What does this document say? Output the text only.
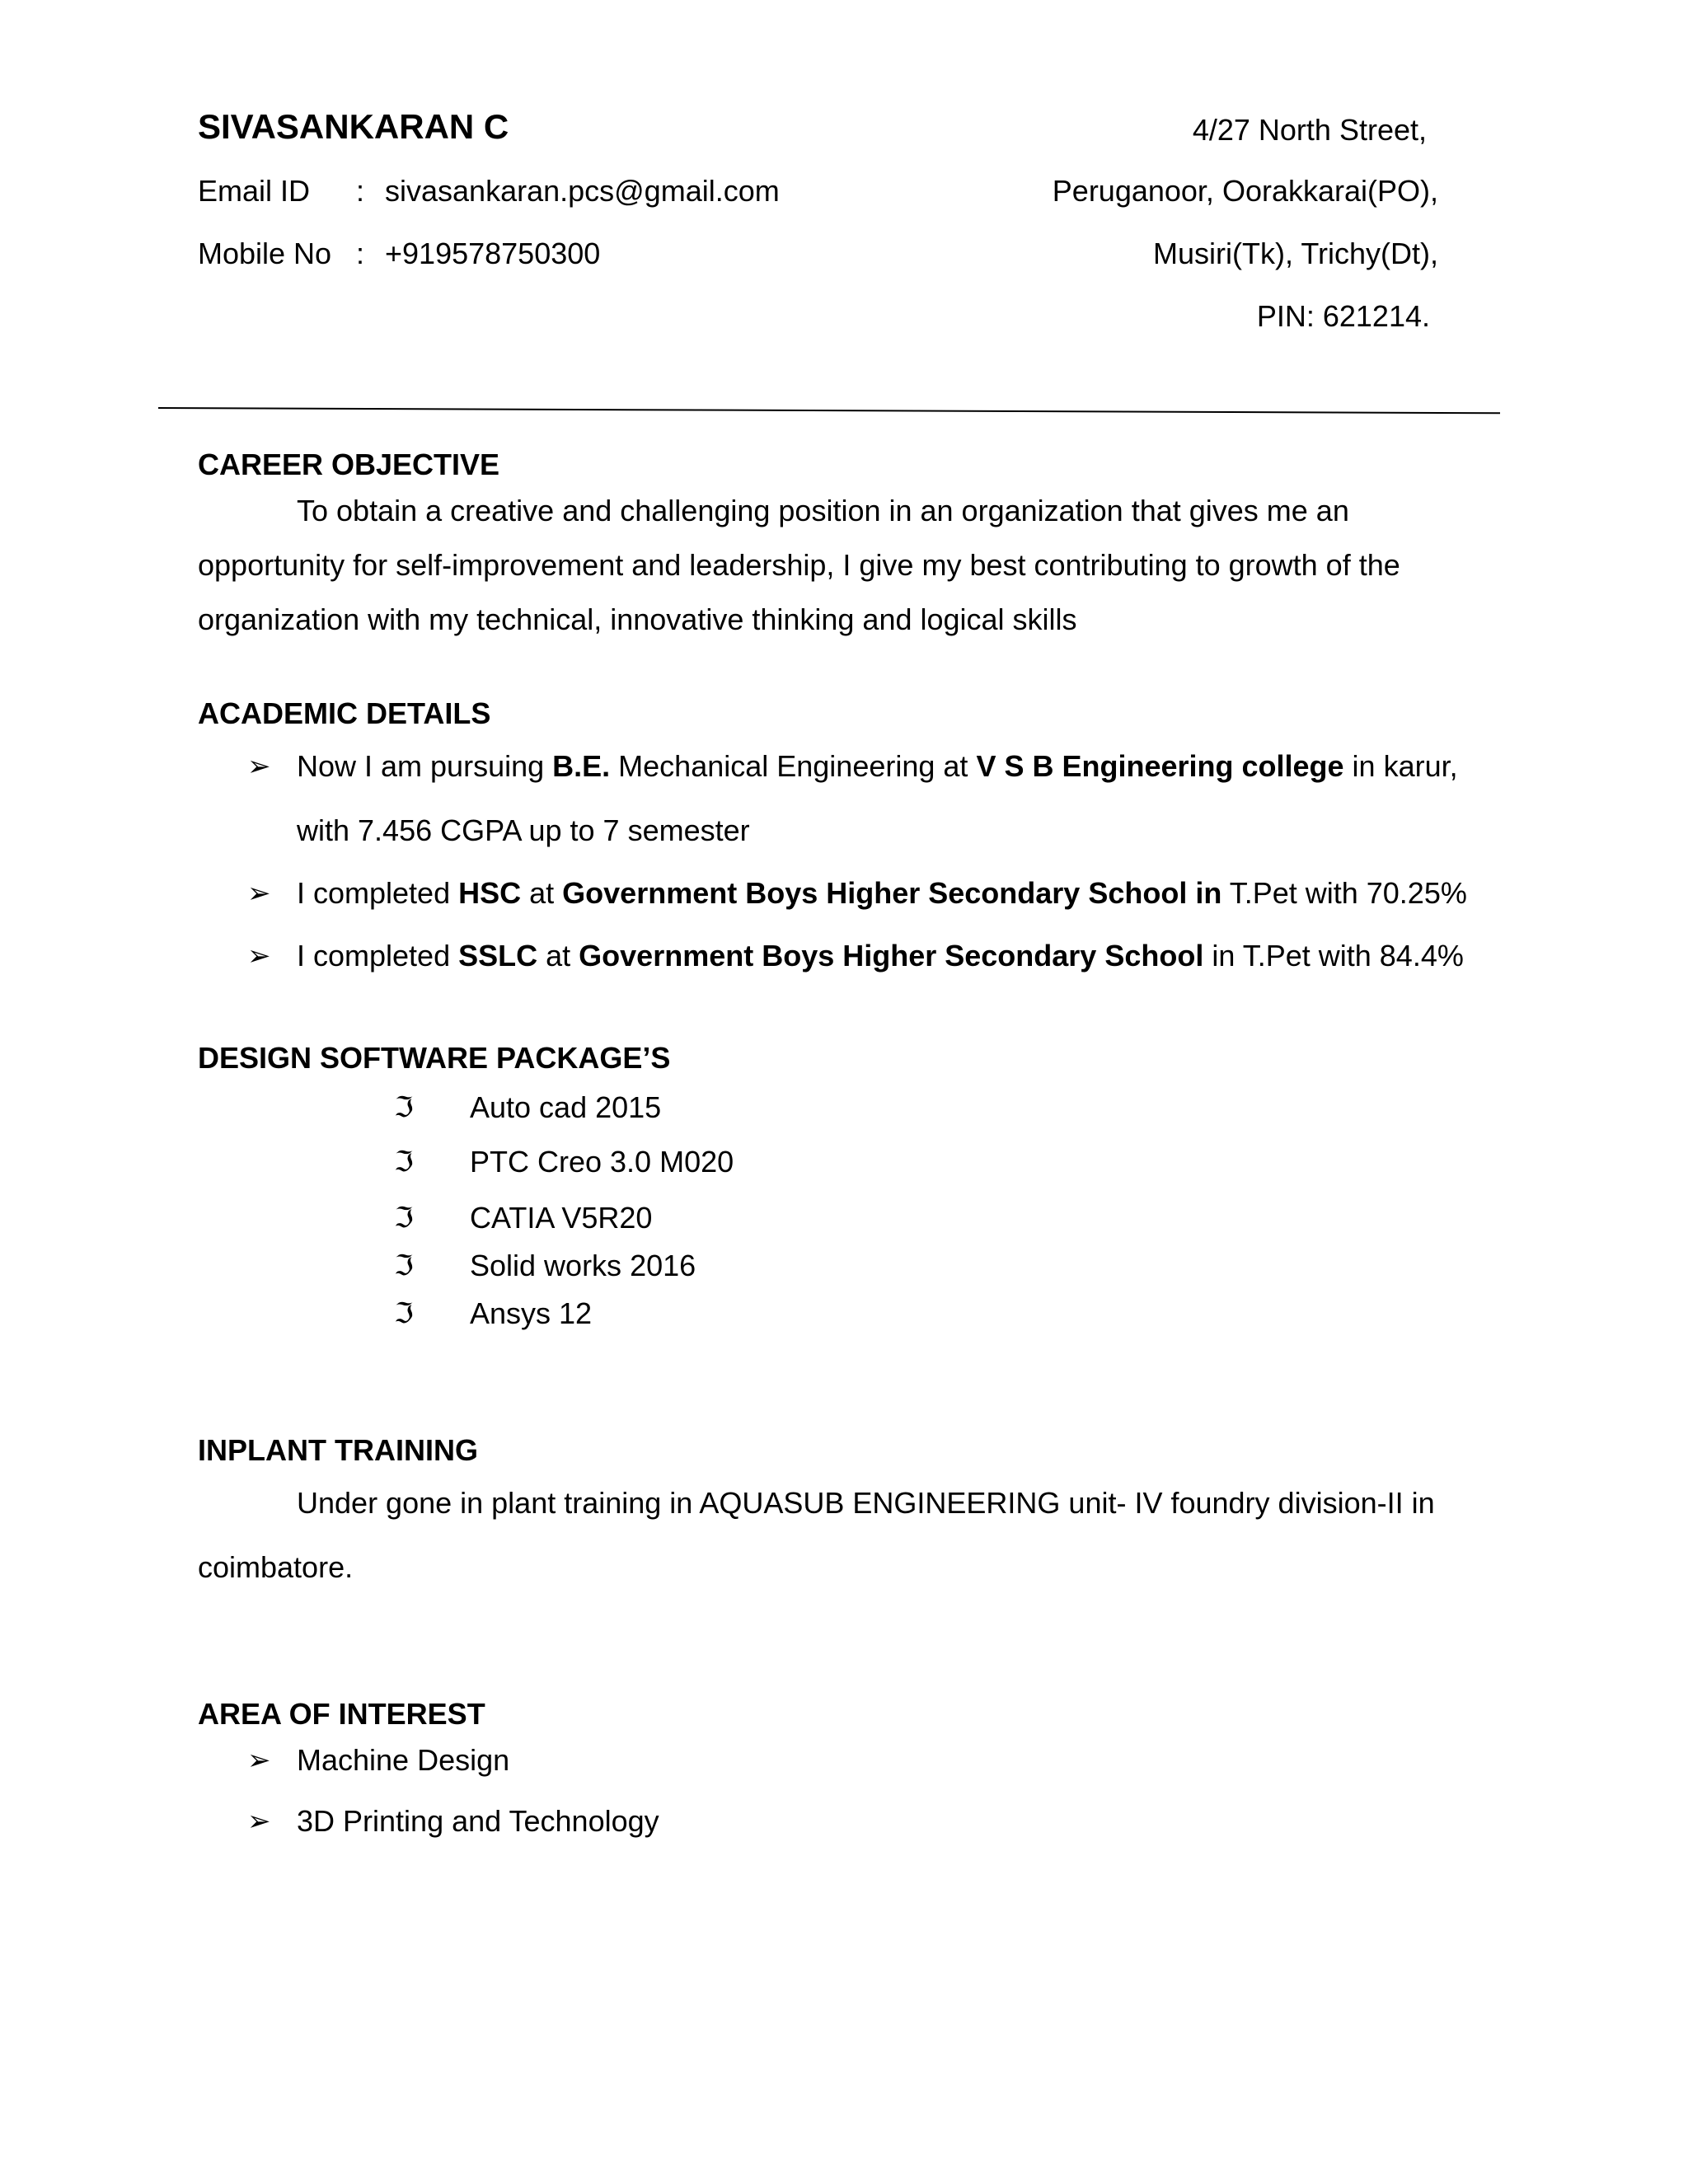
SIVASANKARAN C
Email ID : sivasankaran.pcs@gmail.com
Mobile No : +919578750300
4/27 North Street,
Peruganoor, Oorakkarai(PO),
Musiri(Tk), Trichy(Dt),
PIN: 621214.
CAREER OBJECTIVE
To obtain a creative and challenging position in an organization that gives me an
opportunity for self-improvement and leadership, I give my best contributing to growth of the
organization with my technical, innovative thinking and logical skills
ACADEMIC DETAILS
➢ Now I am pursuing B.E. Mechanical Engineering at V S B Engineering college in karur,
with 7.456 CGPA up to 7 semester
➢ I completed HSC at Government Boys Higher Secondary School in T.Pet with 70.25%
➢ I completed SSLC at Government Boys Higher Secondary School in T.Pet with 84.4%
DESIGN SOFTWARE PACKAGE’S
ℑ Auto cad 2015
ℑ PTC Creo 3.0 M020
ℑ CATIA V5R20
ℑ Solid works 2016
ℑ Ansys 12
INPLANT TRAINING
Under gone in plant training in AQUASUB ENGINEERING unit- IV foundry division-II in
coimbatore.
AREA OF INTEREST
➢ Machine Design
➢ 3D Printing and Technology
